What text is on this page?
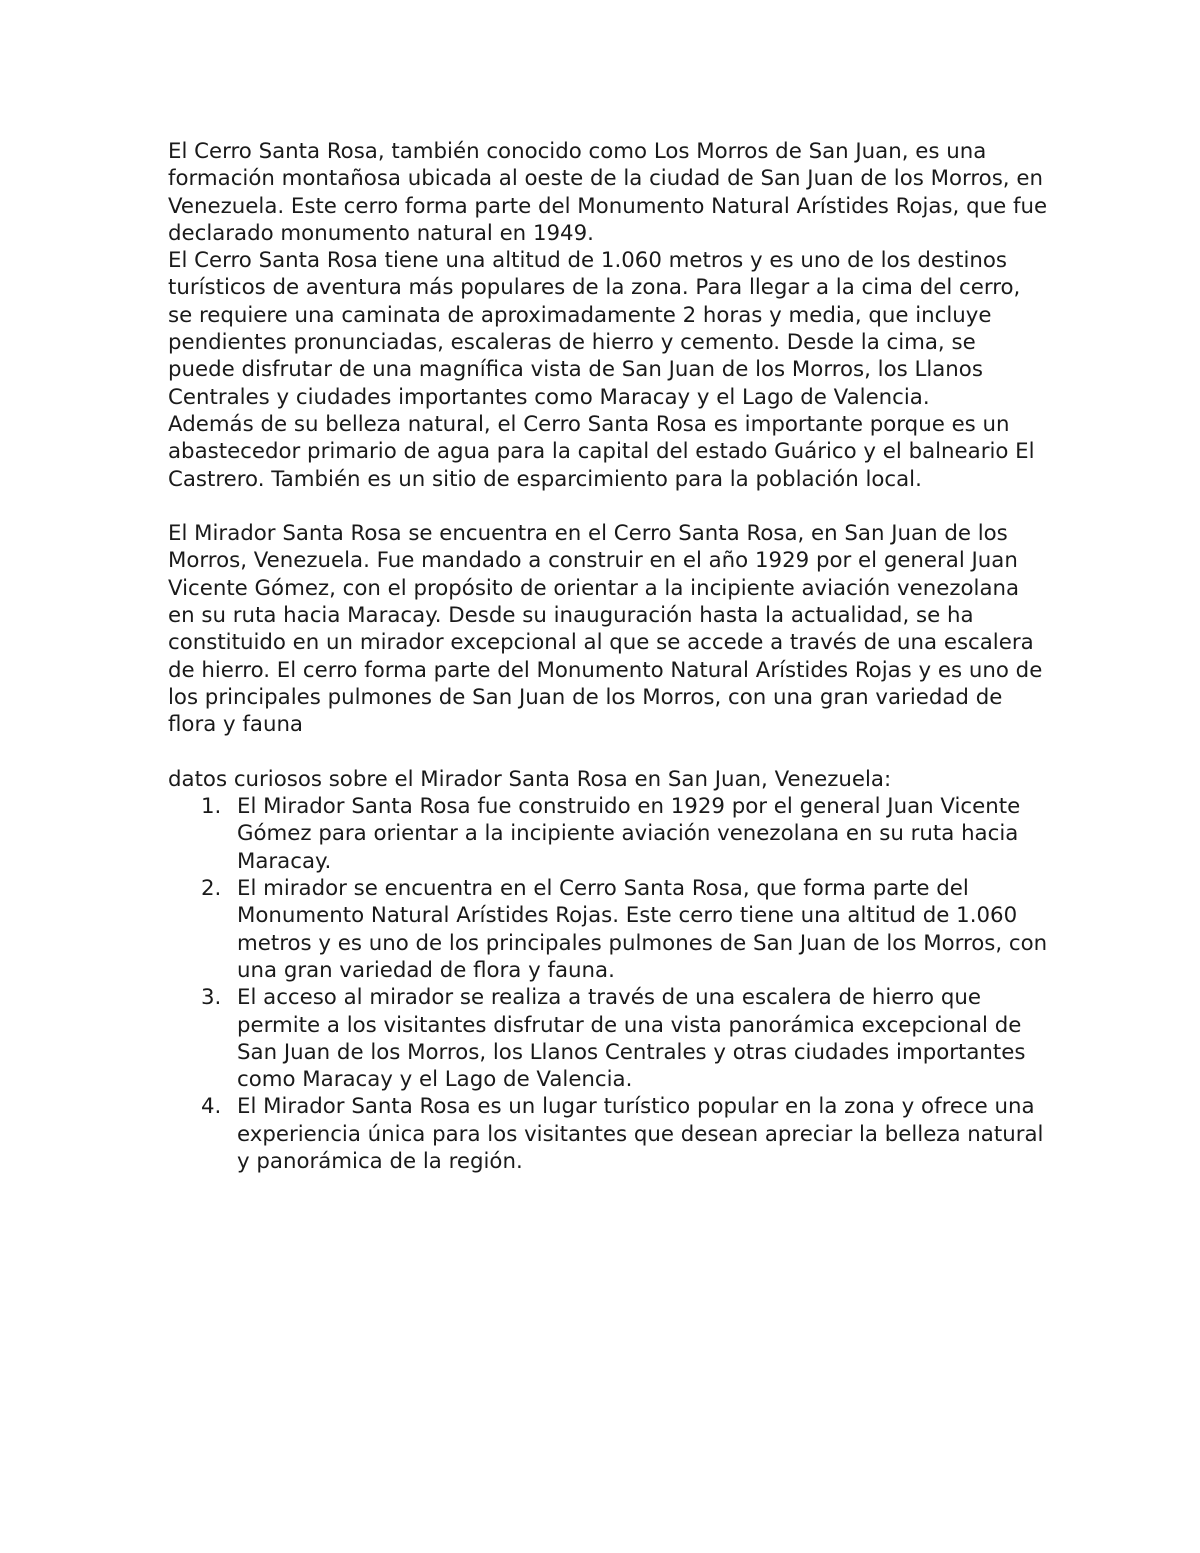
El Cerro Santa Rosa, también conocido como Los Morros de San Juan, es una formación montañosa ubicada al oeste de la ciudad de San Juan de los Morros, en Venezuela. Este cerro forma parte del Monumento Natural Arístides Rojas, que fue declarado monumento natural en 1949.

El Cerro Santa Rosa tiene una altitud de 1.060 metros y es uno de los destinos turísticos de aventura más populares de la zona. Para llegar a la cima del cerro, se requiere una caminata de aproximadamente 2 horas y media, que incluye pendientes pronunciadas, escaleras de hierro y cemento. Desde la cima, se puede disfrutar de una magnífica vista de San Juan de los Morros, los Llanos Centrales y ciudades importantes como Maracay y el Lago de Valencia.

Además de su belleza natural, el Cerro Santa Rosa es importante porque es un abastecedor primario de agua para la capital del estado Guárico y el balneario El Castrero. También es un sitio de esparcimiento para la población local.

El Mirador Santa Rosa se encuentra en el Cerro Santa Rosa, en San Juan de los Morros, Venezuela. Fue mandado a construir en el año 1929 por el general Juan Vicente Gómez, con el propósito de orientar a la incipiente aviación venezolana en su ruta hacia Maracay. Desde su inauguración hasta la actualidad, se ha constituido en un mirador excepcional al que se accede a través de una escalera de hierro. El cerro forma parte del Monumento Natural Arístides Rojas y es uno de los principales pulmones de San Juan de los Morros, con una gran variedad de flora y fauna

datos curiosos sobre el Mirador Santa Rosa en San Juan, Venezuela:

1. El Mirador Santa Rosa fue construido en 1929 por el general Juan Vicente Gómez para orientar a la incipiente aviación venezolana en su ruta hacia Maracay.
2. El mirador se encuentra en el Cerro Santa Rosa, que forma parte del Monumento Natural Arístides Rojas. Este cerro tiene una altitud de 1.060 metros y es uno de los principales pulmones de San Juan de los Morros, con una gran variedad de flora y fauna.
3. El acceso al mirador se realiza a través de una escalera de hierro que permite a los visitantes disfrutar de una vista panorámica excepcional de San Juan de los Morros, los Llanos Centrales y otras ciudades importantes como Maracay y el Lago de Valencia.
4. El Mirador Santa Rosa es un lugar turístico popular en la zona y ofrece una experiencia única para los visitantes que desean apreciar la belleza natural y panorámica de la región.
